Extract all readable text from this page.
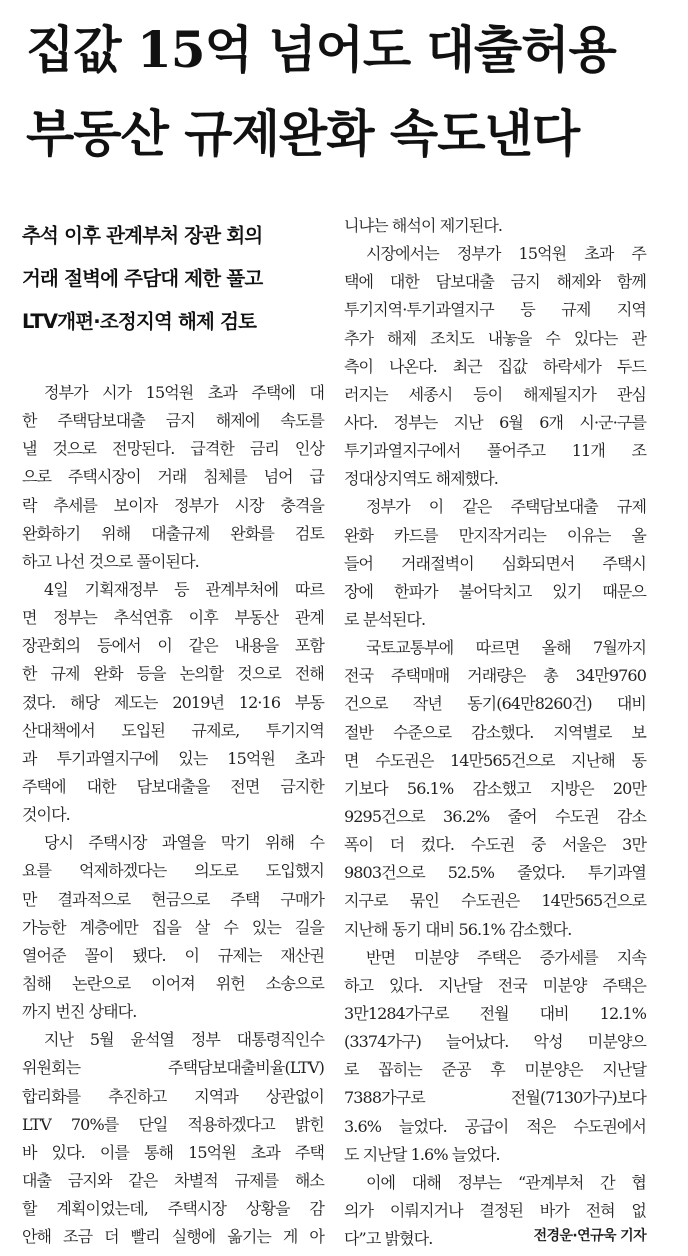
집값 15억 넘어도 대출허용
부동산 규제완화 속도낸다
추석 이후 관계부처 장관 회의
거래 절벽에 주담대 제한 풀고
LTV개편·조정지역 해제 검토
정부가 시가 15억원 초과 주택에 대
한 주택담보대출 금지 해제에 속도를
낼 것으로 전망된다. 급격한 금리 인상
으로 주택시장이 거래 침체를 넘어 급
락 추세를 보이자 정부가 시장 충격을
완화하기 위해 대출규제 완화를 검토
하고 나선 것으로 풀이된다.
4일 기획재정부 등 관계부처에 따르
면 정부는 추석연휴 이후 부동산 관계
장관회의 등에서 이 같은 내용을 포함
한 규제 완화 등을 논의할 것으로 전해
졌다. 해당 제도는 2019년 12·16 부동
산대책에서 도입된 규제로, 투기지역
과 투기과열지구에 있는 15억원 초과
주택에 대한 담보대출을 전면 금지한
것이다.
당시 주택시장 과열을 막기 위해 수
요를 억제하겠다는 의도로 도입했지
만 결과적으로 현금으로 주택 구매가
가능한 계층에만 집을 살 수 있는 길을
열어준 꼴이 됐다. 이 규제는 재산권
침해 논란으로 이어져 위헌 소송으로
까지 번진 상태다.
지난 5월 윤석열 정부 대통령직인수
위원회는 주택담보대출비율(LTV)
합리화를 추진하고 지역과 상관없이
LTV 70%를 단일 적용하겠다고 밝힌
바 있다. 이를 통해 15억원 초과 주택
대출 금지와 같은 차별적 규제를 해소
할 계획이었는데, 주택시장 상황을 감
안해 조금 더 빨리 실행에 옮기는 게 아
니냐는 해석이 제기된다.
시장에서는 정부가 15억원 초과 주
택에 대한 담보대출 금지 해제와 함께
투기지역·투기과열지구 등 규제 지역
추가 해제 조치도 내놓을 수 있다는 관
측이 나온다. 최근 집값 하락세가 두드
러지는 세종시 등이 해제될지가 관심
사다. 정부는 지난 6월 6개 시·군·구를
투기과열지구에서 풀어주고 11개 조
정대상지역도 해제했다.
정부가 이 같은 주택담보대출 규제
완화 카드를 만지작거리는 이유는 올
들어 거래절벽이 심화되면서 주택시
장에 한파가 불어닥치고 있기 때문으
로 분석된다.
국토교통부에 따르면 올해 7월까지
전국 주택매매 거래량은 총 34만9760
건으로 작년 동기(64만8260건) 대비
절반 수준으로 감소했다. 지역별로 보
면 수도권은 14만565건으로 지난해 동
기보다 56.1% 감소했고 지방은 20만
9295건으로 36.2% 줄어 수도권 감소
폭이 더 컸다. 수도권 중 서울은 3만
9803건으로 52.5% 줄었다. 투기과열
지구로 묶인 수도권은 14만565건으로
지난해 동기 대비 56.1% 감소했다.
반면 미분양 주택은 증가세를 지속
하고 있다. 지난달 전국 미분양 주택은
3만1284가구로 전월 대비 12.1%
(3374가구) 늘어났다. 악성 미분양으
로 꼽히는 준공 후 미분양은 지난달
7388가구로 전월(7130가구)보다
3.6% 늘었다. 공급이 적은 수도권에서
도 지난달 1.6% 늘었다.
이에 대해 정부는 “관계부처 간 협
의가 이뤄지거나 결정된 바가 전혀 없
다”고 밝혔다.	전경운·연규욱 기자
